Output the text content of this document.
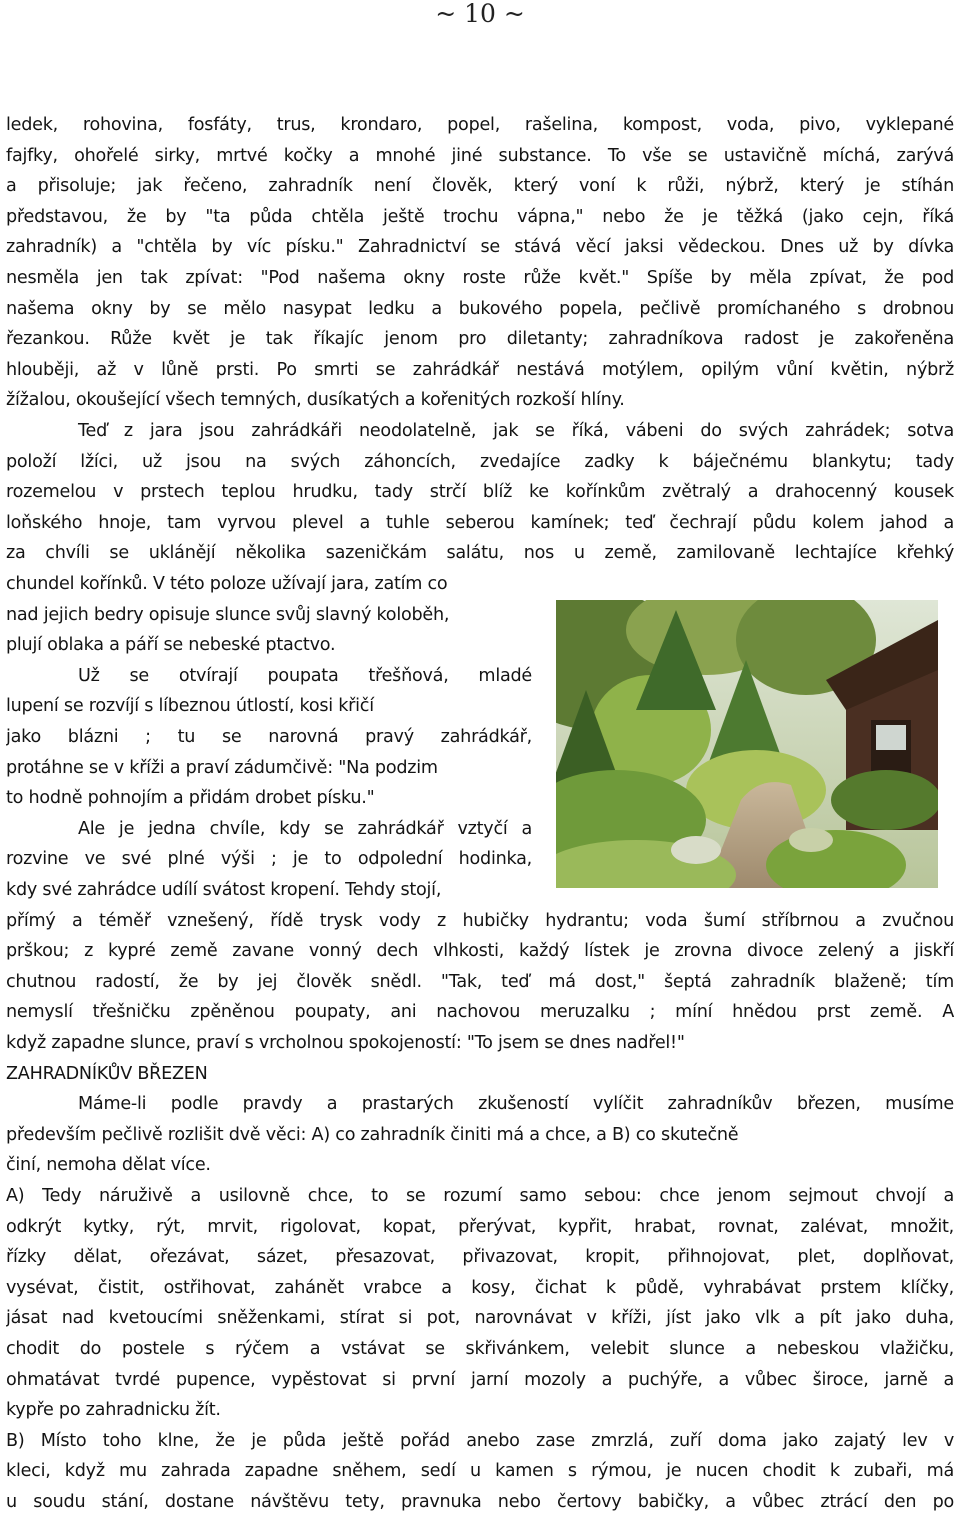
~ 10 ~
ledek, rohovina, fosfáty, trus, krondaro, popel, rašelina, kompost, voda, pivo, vyklepané
fajfky, ohořelé sirky, mrtvé kočky a mnohé jiné substance. To vše se ustavičně míchá, zarývá
a přisoluje; jak řečeno, zahradník není člověk, který voní k růži, nýbrž, který je stíhán
představou, že by "ta půda chtěla ještě trochu vápna," nebo že je těžká (jako cejn, říká
zahradník) a "chtěla by víc písku." Zahradnictví se stává věcí jaksi vědeckou. Dnes už by dívka
nesměla jen tak zpívat: "Pod našema okny roste růže květ." Spíše by měla zpívat, že pod
našema okny by se mělo nasypat ledku a bukového popela, pečlivě promíchaného s drobnou
řezankou. Růže květ je tak říkajíc jenom pro diletanty; zahradníkova radost je zakořeněna
hlouběji, až v lůně prsti. Po smrti se zahrádkář nestává motýlem, opilým vůní květin, nýbrž
žížalou, okoušející všech temných, dusíkatých a kořenitých rozkoší hlíny.
Teď z jara jsou zahrádkáři neodolatelně, jak se říká, vábeni do svých zahrádek; sotva
položí lžíci, už jsou na svých záhoncích, zvedajíce zadky k báječnému blankytu; tady
rozemelou v prstech teplou hrudku, tady strčí blíž ke kořínkům zvětralý a drahocenný kousek
loňského hnoje, tam vyrvou plevel a tuhle seberou kamínek; teď čechrají půdu kolem jahod a
za chvíli se uklánějí několika sazeničkám salátu, nos u země, zamilovaně lechtajíce křehký
chundel kořínků. V této poloze užívají jara, zatím co
nad jejich bedry opisuje slunce svůj slavný koloběh,
plují oblaka a páří se nebeské ptactvo.
Už se otvírají poupata třešňová, mladé
lupení se rozvíjí s líbeznou útlostí, kosi křičí
jako blázni ; tu se narovná pravý zahrádkář,
protáhne se v kříži a praví zádumčivě: "Na podzim
to hodně pohnojím a přidám drobet písku."
Ale je jedna chvíle, kdy se zahrádkář vztyčí a
rozvine ve své plné výši ; je to odpolední hodinka,
kdy své zahrádce udílí svátost kropení. Tehdy stojí,
přímý a téměř vznešený, řídě trysk vody z hubičky hydrantu; voda šumí stříbrnou a zvučnou
prškou; z kypré země zavane vonný dech vlhkosti, každý lístek je zrovna divoce zelený a jiskří
chutnou radostí, že by jej člověk snědl. "Tak, teď má dost," šeptá zahradník blaženě; tím
nemyslí třešničku zpěněnou poupaty, ani nachovou meruzalku ; míní hnědou prst země. A
když zapadne slunce, praví s vrcholnou spokojeností: "To jsem se dnes nadřel!"
ZAHRADNÍKŮV BŘEZEN
Máme-li podle pravdy a prastarých zkušeností vylíčit zahradníkův březen, musíme
především pečlivě rozlišit dvě věci: A) co zahradník činiti má a chce, a B) co skutečně
činí, nemoha dělat více.
A) Tedy náruživě a usilovně chce, to se rozumí samo sebou: chce jenom sejmout chvojí a
odkrýt kytky, rýt, mrvit, rigolovat, kopat, přerývat, kypřit, hrabat, rovnat, zalévat, množit,
řízky dělat, ořezávat, sázet, přesazovat, přivazovat, kropit, přihnojovat, plet, doplňovat,
vysévat, čistit, ostřihovat, zahánět vrabce a kosy, čichat k půdě, vyhrabávat prstem klíčky,
jásat nad kvetoucími sněženkami, stírat si pot, narovnávat v kříži, jíst jako vlk a pít jako duha,
chodit do postele s rýčem a vstávat se skřivánkem, velebit slunce a nebeskou vlažičku,
ohmatávat tvrdé pupence, vypěstovat si první jarní mozoly a puchýře, a vůbec široce, jarně a
kypře po zahradnicku žít.
B) Místo toho klne, že je půda ještě pořád anebo zase zmrzlá, zuří doma jako zajatý lev v
kleci, když mu zahrada zapadne sněhem, sedí u kamen s rýmou, je nucen chodit k zubaři, má
u soudu stání, dostane návštěvu tety, pravnuka nebo čertovy babičky, a vůbec ztrácí den po
